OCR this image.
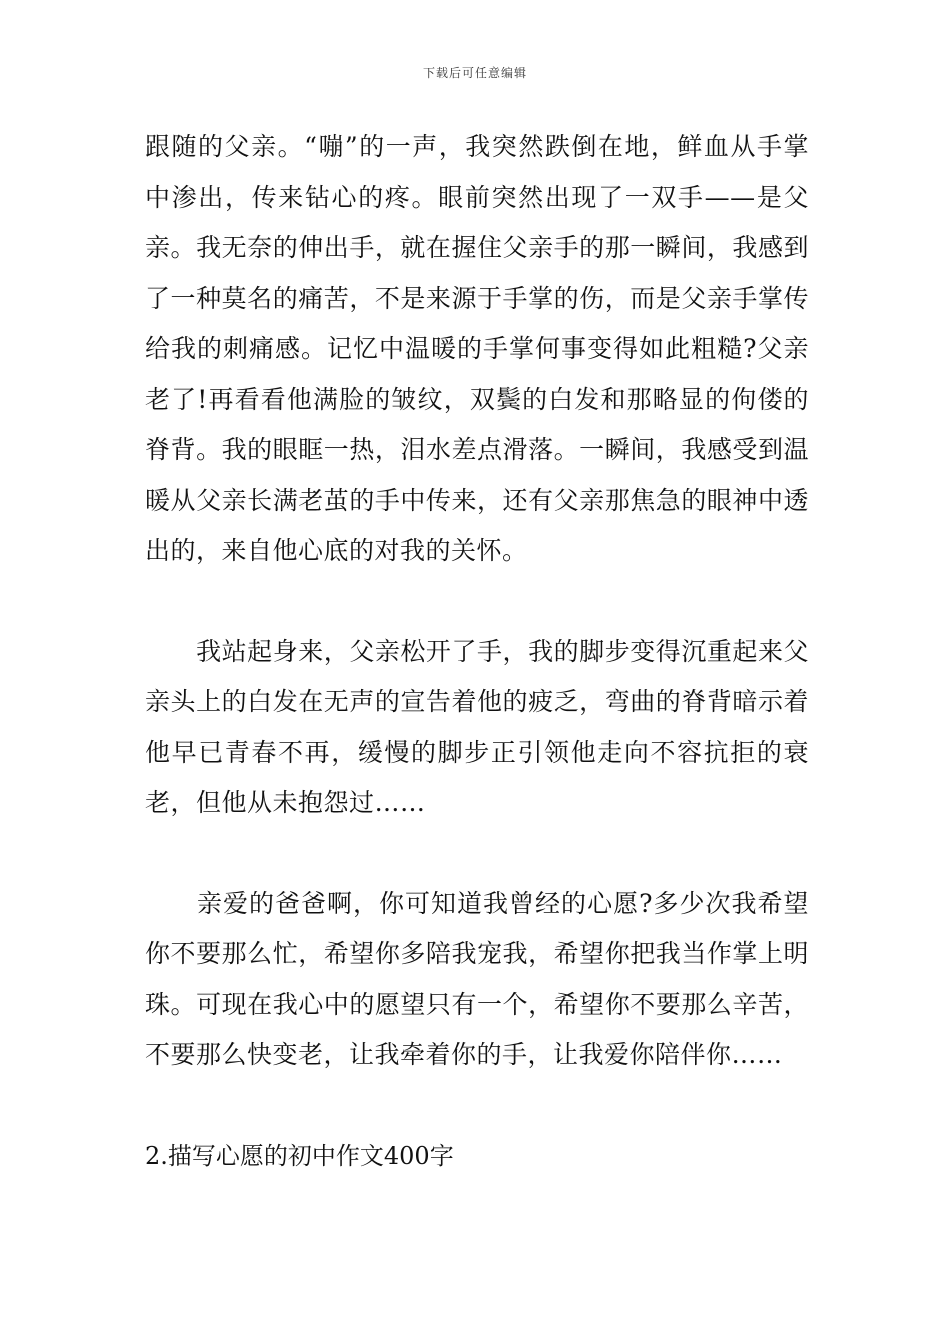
下载后可任意编辑

跟随的父亲。“嘣”的一声，我突然跌倒在地，鲜血从手掌中渗出，传来钻心的疼。眼前突然出现了一双手——是父亲。我无奈的伸出手，就在握住父亲手的那一瞬间，我感到了一种莫名的痛苦，不是来源于手掌的伤，而是父亲手掌传给我的刺痛感。记忆中温暖的手掌何事变得如此粗糙?父亲老了!再看看他满脸的皱纹，双鬓的白发和那略显的佝偻的脊背。我的眼眶一热，泪水差点滑落。一瞬间，我感受到温暖从父亲长满老茧的手中传来，还有父亲那焦急的眼神中透出的，来自他心底的对我的关怀。

　　我站起身来，父亲松开了手，我的脚步变得沉重起来父亲头上的白发在无声的宣告着他的疲乏，弯曲的脊背暗示着他早已青春不再，缓慢的脚步正引领他走向不容抗拒的衰老，但他从未抱怨过……

　　亲爱的爸爸啊，你可知道我曾经的心愿?多少次我希望你不要那么忙，希望你多陪我宠我，希望你把我当作掌上明珠。可现在我心中的愿望只有一个，希望你不要那么辛苦，不要那么快变老，让我牵着你的手，让我爱你陪伴你……

2.描写心愿的初中作文400字
